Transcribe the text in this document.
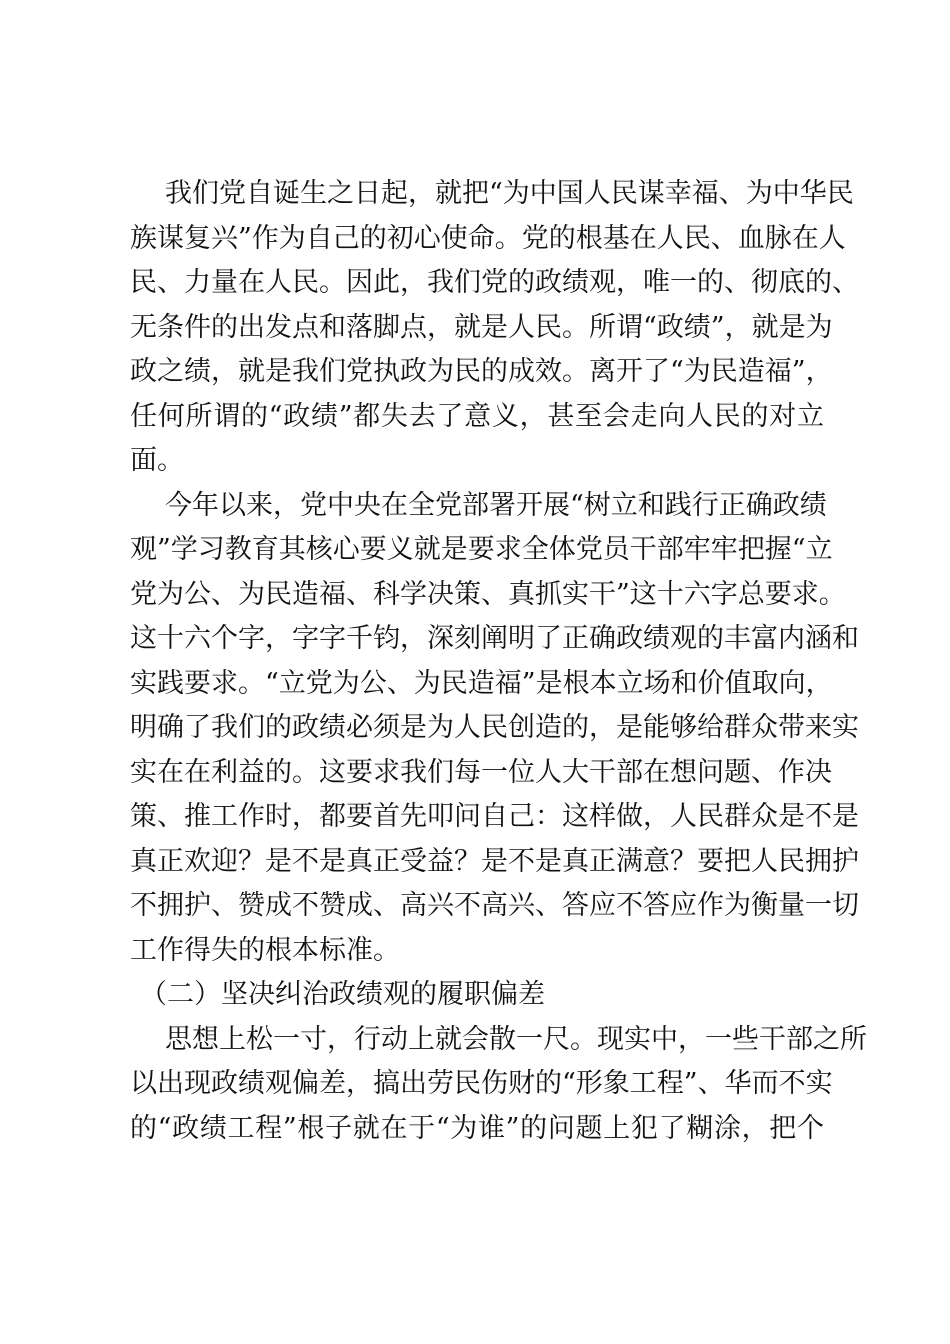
我们党自诞生之日起，就把“为中国人民谋幸福、为中华民
族谋复兴”作为自己的初心使命。党的根基在人民、血脉在人
民、力量在人民。因此，我们党的政绩观，唯一的、彻底的、
无条件的出发点和落脚点，就是人民。所谓“政绩”，就是为
政之绩，就是我们党执政为民的成效。离开了“为民造福”，
任何所谓的“政绩”都失去了意义，甚至会走向人民的对立
面。
今年以来，党中央在全党部署开展“树立和践行正确政绩
观”学习教育其核心要义就是要求全体党员干部牢牢把握“立
党为公、为民造福、科学决策、真抓实干”这十六字总要求。
这十六个字，字字千钧，深刻阐明了正确政绩观的丰富内涵和
实践要求。“立党为公、为民造福”是根本立场和价值取向，
明确了我们的政绩必须是为人民创造的，是能够给群众带来实
实在在利益的。这要求我们每一位人大干部在想问题、作决
策、推工作时，都要首先叩问自己：这样做，人民群众是不是
真正欢迎？是不是真正受益？是不是真正满意？要把人民拥护
不拥护、赞成不赞成、高兴不高兴、答应不答应作为衡量一切
工作得失的根本标准。
（二）坚决纠治政绩观的履职偏差
思想上松一寸，行动上就会散一尺。现实中，一些干部之所
以出现政绩观偏差，搞出劳民伤财的“形象工程”、华而不实
的“政绩工程”根子就在于“为谁”的问题上犯了糊涂，把个
